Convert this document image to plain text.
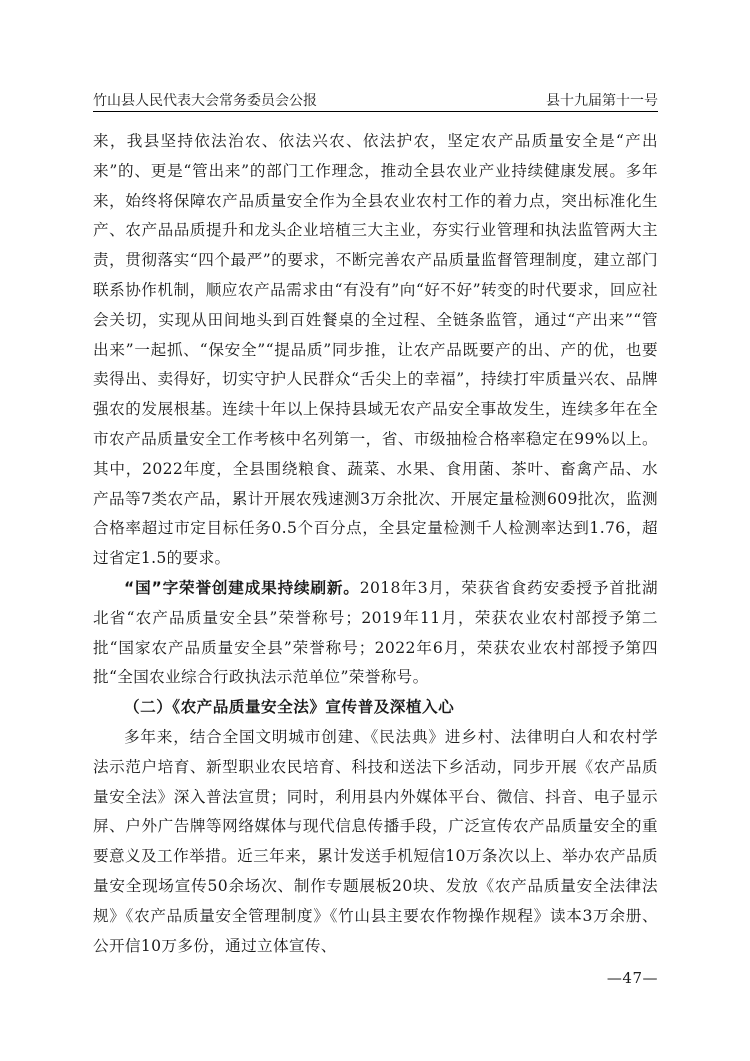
竹山县人民代表大会常务委员会公报	县十九届第十一号

来，我县坚持依法治农、依法兴农、依法护农，坚定农产品质量安全是“产出来”的、更是“管出来”的部门工作理念，推动全县农业产业持续健康发展。多年来，始终将保障农产品质量安全作为全县农业农村工作的着力点，突出标准化生产、农产品品质提升和龙头企业培植三大主业，夯实行业管理和执法监管两大主责，贯彻落实“四个最严”的要求，不断完善农产品质量监督管理制度，建立部门联系协作机制，顺应农产品需求由“有没有”向“好不好”转变的时代要求，回应社会关切，实现从田间地头到百姓餐桌的全过程、全链条监管，通过“产出来”“管出来”一起抓、“保安全”“提品质”同步推，让农产品既要产的出、产的优，也要卖得出、卖得好，切实守护人民群众“舌尖上的幸福”，持续打牢质量兴农、品牌强农的发展根基。连续十年以上保持县域无农产品安全事故发生，连续多年在全市农产品质量安全工作考核中名列第一，省、市级抽检合格率稳定在99%以上。其中，2022年度，全县围绕粮食、蔬菜、水果、食用菌、茶叶、畜禽产品、水产品等7类农产品，累计开展农残速测3万余批次、开展定量检测609批次，监测合格率超过市定目标任务0.5个百分点，全县定量检测千人检测率达到1.76，超过省定1.5的要求。

“国”字荣誉创建成果持续刷新。2018年3月，荣获省食药安委授予首批湖北省“农产品质量安全县”荣誉称号；2019年11月，荣获农业农村部授予第二批“国家农产品质量安全县”荣誉称号；2022年6月，荣获农业农村部授予第四批“全国农业综合行政执法示范单位”荣誉称号。

（二）《农产品质量安全法》宣传普及深植入心

多年来，结合全国文明城市创建、《民法典》进乡村、法律明白人和农村学法示范户培育、新型职业农民培育、科技和送法下乡活动，同步开展《农产品质量安全法》深入普法宣贯；同时，利用县内外媒体平台、微信、抖音、电子显示屏、户外广告牌等网络媒体与现代信息传播手段，广泛宣传农产品质量安全的重要意义及工作举措。近三年来，累计发送手机短信10万条次以上、举办农产品质量安全现场宣传50余场次、制作专题展板20块、发放《农产品质量安全法律法规》《农产品质量安全管理制度》《竹山县主要农作物操作规程》读本3万余册、公开信10万多份，通过立体宣传、

—47—
